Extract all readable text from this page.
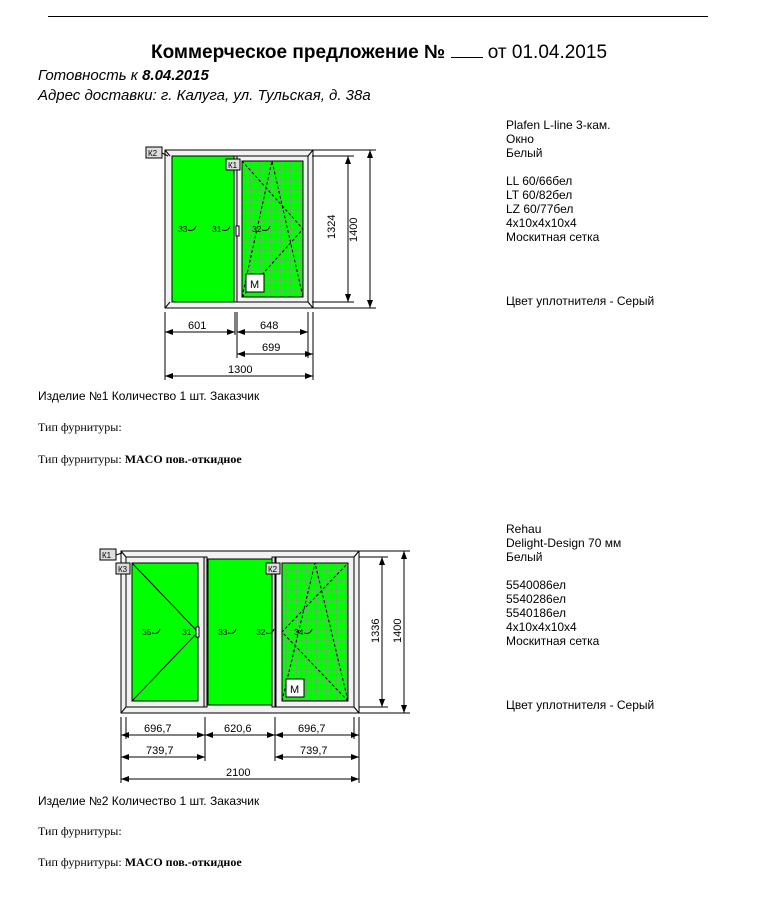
Коммерческое предложение № от 01.04.2015
Готовность к 8.04.2015
Адрес доставки: г. Калуга, ул. Тульская, д. 38а
К2
К1
З3	З1	З2
M
1324 1400
601	648
699
1300
Plafen L-line 3-кам.
Окно
Белый
LL 60/66бел
LT 60/82бел
LZ 60/77бел
4x10x4x10x4
Москитная сетка
Цвет уплотнителя - Серый
Изделие №1 Количество 1 шт. Заказчик
Тип фурнитуры:
Тип фурнитуры: MACO пов.-откидное
К1
К3	К2
З5	З1	З3	З2	З4
M
1336 1400
696,7	620,6	696,7
739,7	739,7
2100
Rehau
Delight-Design 70 мм
Белый
5540086ел
5540286ел
5540186ел
4x10x4x10x4
Москитная сетка
Цвет уплотнителя - Серый
Изделие №2 Количество 1 шт. Заказчик
Тип фурнитуры:
Тип фурнитуры: MACO пов.-откидное
